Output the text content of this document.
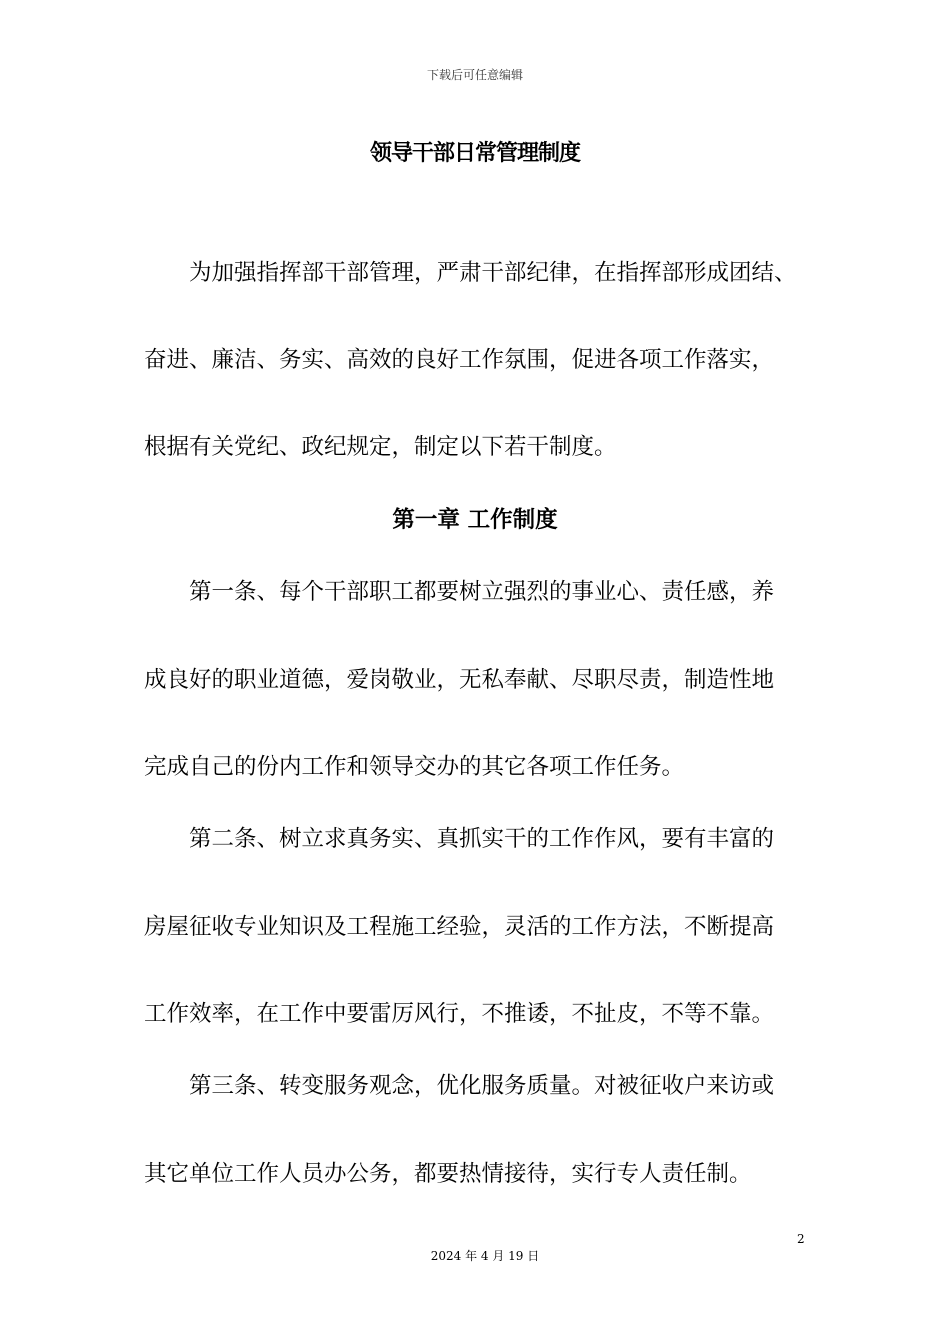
下载后可任意编辑
领导干部日常管理制度
为加强指挥部干部管理，严肃干部纪律，在指挥部形成团结、
奋进、廉洁、务实、高效的良好工作氛围，促进各项工作落实，
根据有关党纪、政纪规定，制定以下若干制度。
第一章 工作制度
第一条、每个干部职工都要树立强烈的事业心、责任感，养
成良好的职业道德，爱岗敬业，无私奉献、尽职尽责，制造性地
完成自己的份内工作和领导交办的其它各项工作任务。
第二条、树立求真务实、真抓实干的工作作风，要有丰富的
房屋征收专业知识及工程施工经验，灵活的工作方法，不断提高
工作效率，在工作中要雷厉风行，不推诿，不扯皮，不等不靠。
第三条、转变服务观念，优化服务质量。对被征收户来访或
其它单位工作人员办公务，都要热情接待，实行专人责任制。
2
2024 年 4 月 19 日
